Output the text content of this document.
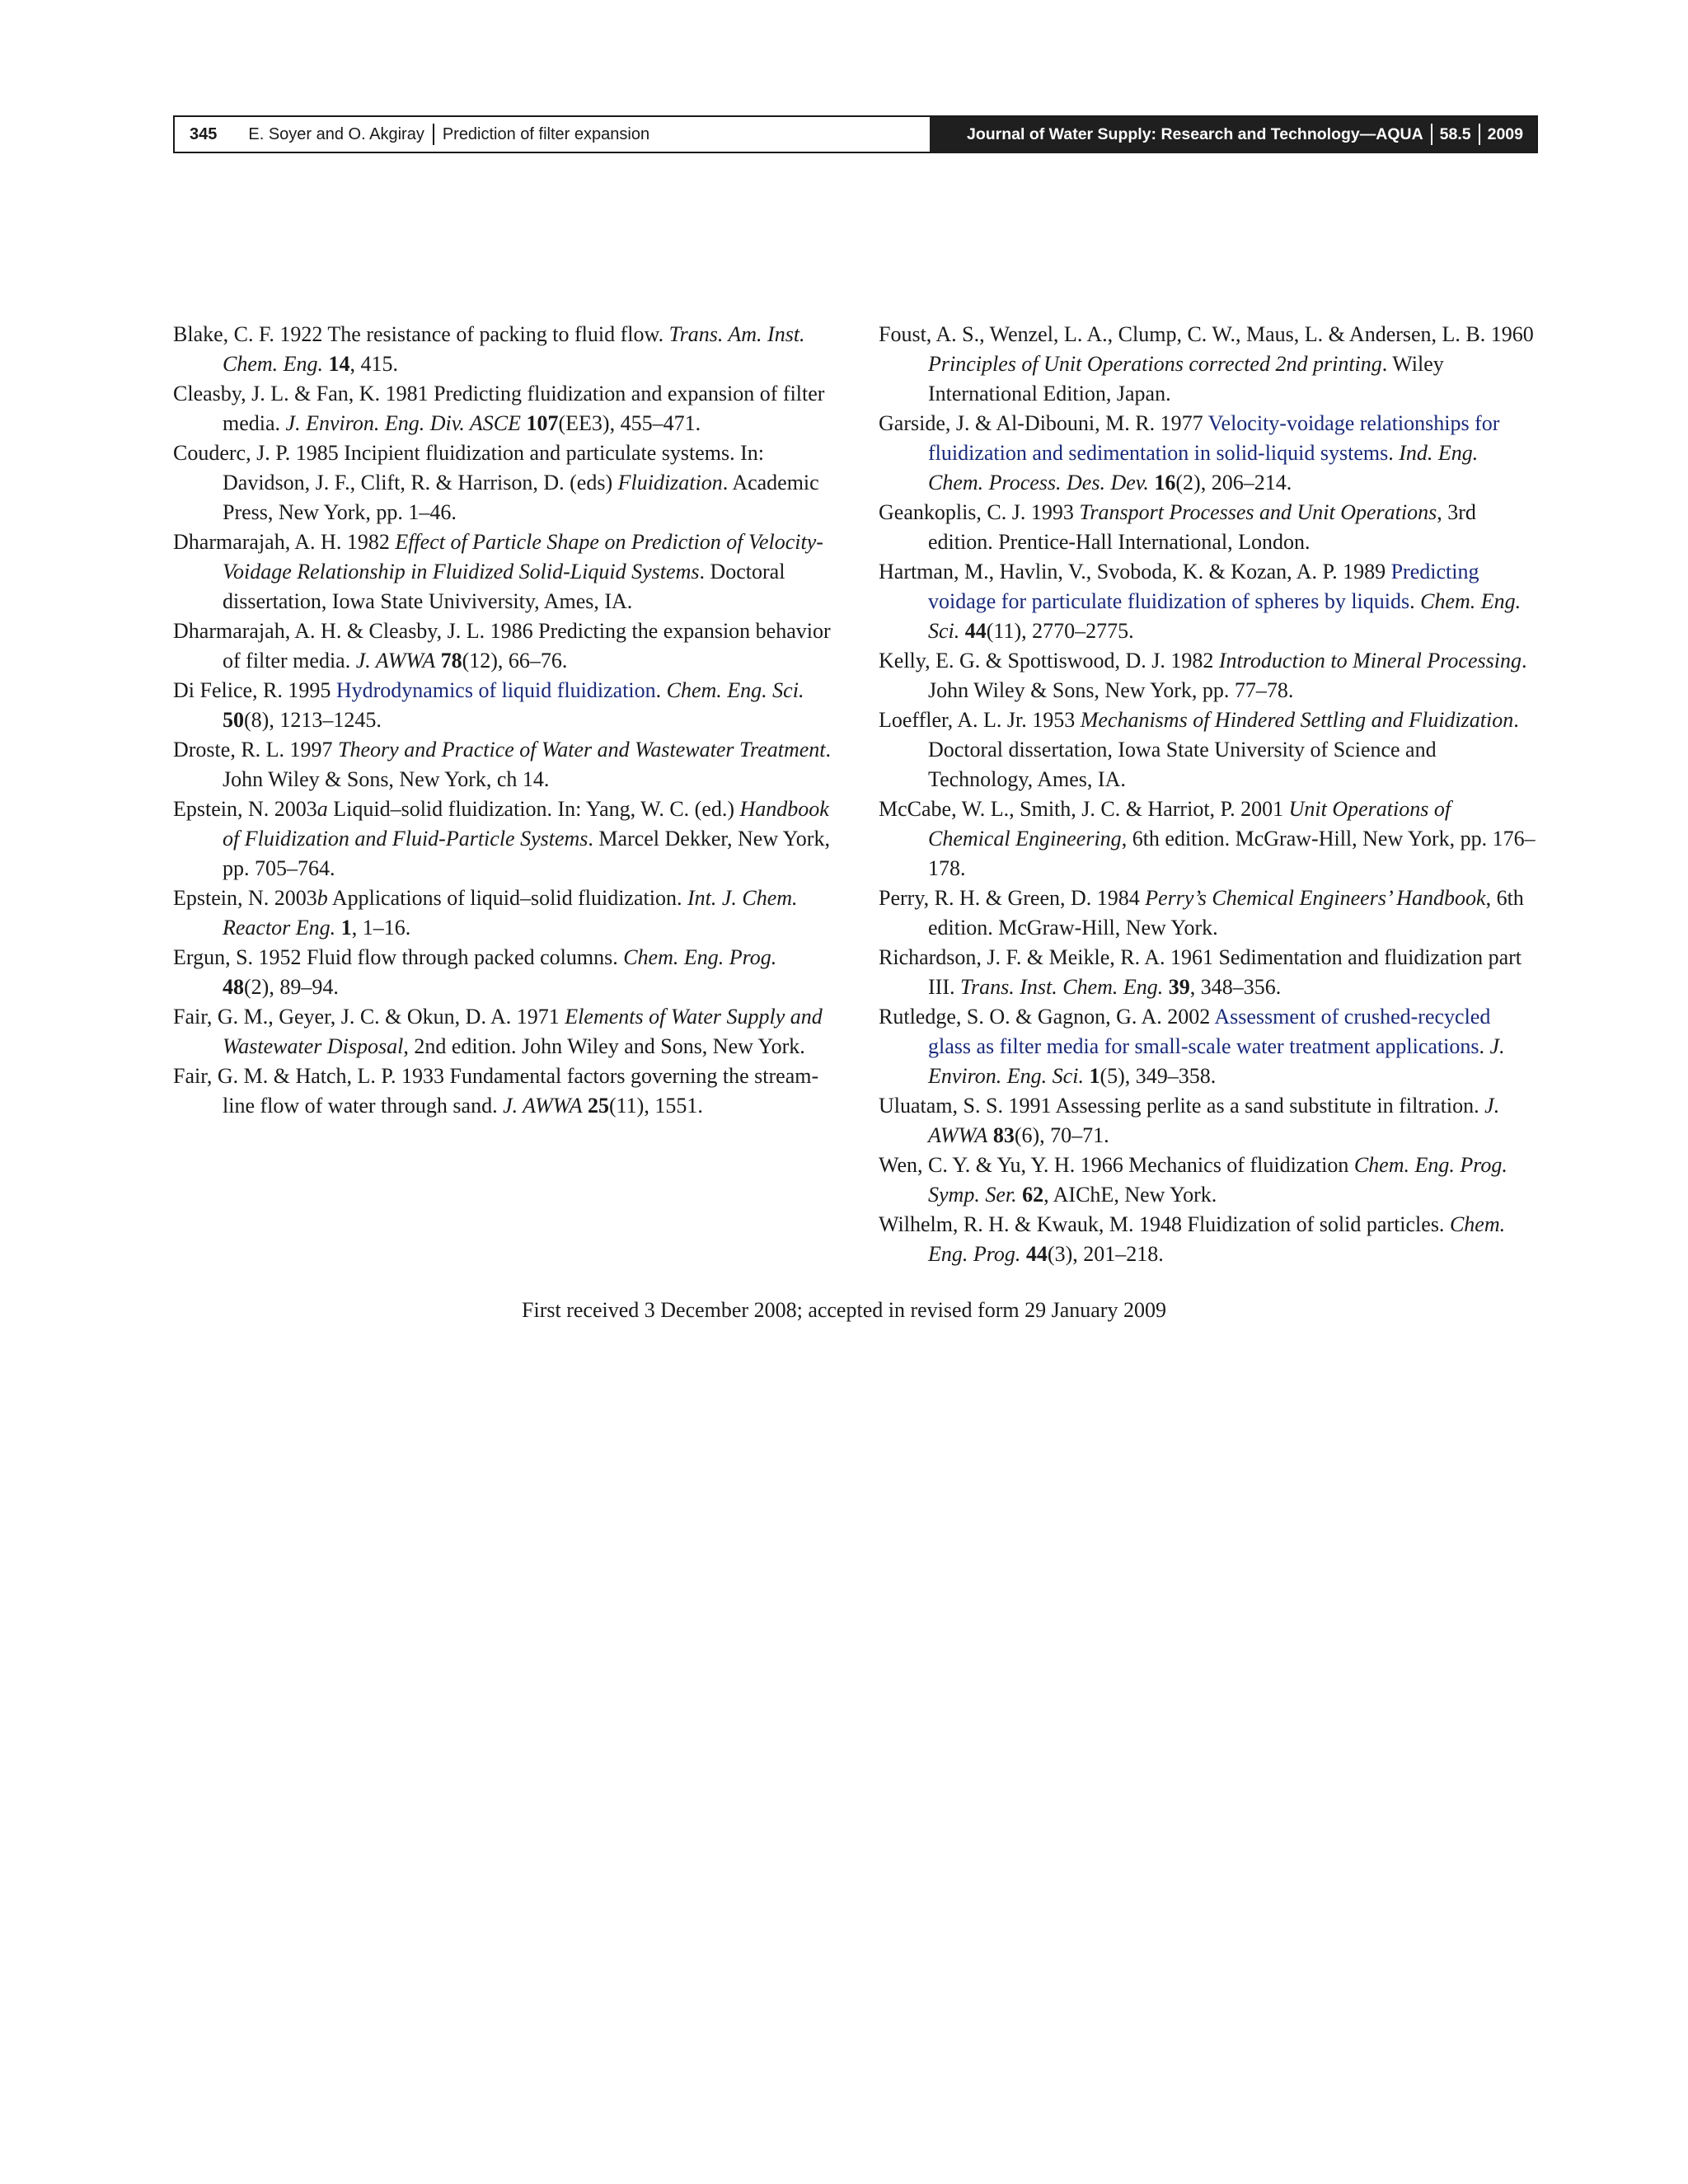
345 E. Soyer and O. Akgiray Prediction of filter expansion	Journal of Water Supply: Research and Technology—AQUA 58.5 2009

Blake, C. F. 1922 The resistance of packing to fluid flow. Trans. Am. Inst. Chem. Eng. 14, 415.

Cleasby, J. L. & Fan, K. 1981 Predicting fluidization and expansion of filter media. J. Environ. Eng. Div. ASCE 107(EE3), 455–471.

Couderc, J. P. 1985 Incipient fluidization and particulate systems. In: Davidson, J. F., Clift, R. & Harrison, D. (eds) Fluidization. Academic Press, New York, pp. 1–46.

Dharmarajah, A. H. 1982 Effect of Particle Shape on Prediction of Velocity-Voidage Relationship in Fluidized Solid-Liquid Systems. Doctoral dissertation, Iowa State Univiversity, Ames, IA.

Dharmarajah, A. H. & Cleasby, J. L. 1986 Predicting the expansion behavior of filter media. J. AWWA 78(12), 66–76.

Di Felice, R. 1995 Hydrodynamics of liquid fluidization. Chem. Eng. Sci. 50(8), 1213–1245.

Droste, R. L. 1997 Theory and Practice of Water and Wastewater Treatment. John Wiley & Sons, New York, ch 14.

Epstein, N. 2003a Liquid–solid fluidization. In: Yang, W. C. (ed.) Handbook of Fluidization and Fluid-Particle Systems. Marcel Dekker, New York, pp. 705–764.

Epstein, N. 2003b Applications of liquid–solid fluidization. Int. J. Chem. Reactor Eng. 1, 1–16.

Ergun, S. 1952 Fluid flow through packed columns. Chem. Eng. Prog. 48(2), 89–94.

Fair, G. M., Geyer, J. C. & Okun, D. A. 1971 Elements of Water Supply and Wastewater Disposal, 2nd edition. John Wiley and Sons, New York.

Fair, G. M. & Hatch, L. P. 1933 Fundamental factors governing the stream-line flow of water through sand. J. AWWA 25(11), 1551.

Foust, A. S., Wenzel, L. A., Clump, C. W., Maus, L. & Andersen, L. B. 1960 Principles of Unit Operations corrected 2nd printing. Wiley International Edition, Japan.

Garside, J. & Al-Dibouni, M. R. 1977 Velocity-voidage relationships for fluidization and sedimentation in solid-liquid systems. Ind. Eng. Chem. Process. Des. Dev. 16(2), 206–214.

Geankoplis, C. J. 1993 Transport Processes and Unit Operations, 3rd edition. Prentice-Hall International, London.

Hartman, M., Havlin, V., Svoboda, K. & Kozan, A. P. 1989 Predicting voidage for particulate fluidization of spheres by liquids. Chem. Eng. Sci. 44(11), 2770–2775.

Kelly, E. G. & Spottiswood, D. J. 1982 Introduction to Mineral Processing. John Wiley & Sons, New York, pp. 77–78.

Loeffler, A. L. Jr. 1953 Mechanisms of Hindered Settling and Fluidization. Doctoral dissertation, Iowa State University of Science and Technology, Ames, IA.

McCabe, W. L., Smith, J. C. & Harriot, P. 2001 Unit Operations of Chemical Engineering, 6th edition. McGraw-Hill, New York, pp. 176–178.

Perry, R. H. & Green, D. 1984 Perry’s Chemical Engineers’ Handbook, 6th edition. McGraw-Hill, New York.

Richardson, J. F. & Meikle, R. A. 1961 Sedimentation and fluidization part III. Trans. Inst. Chem. Eng. 39, 348–356.

Rutledge, S. O. & Gagnon, G. A. 2002 Assessment of crushed-recycled glass as filter media for small-scale water treatment applications. J. Environ. Eng. Sci. 1(5), 349–358.

Uluatam, S. S. 1991 Assessing perlite as a sand substitute in filtration. J. AWWA 83(6), 70–71.

Wen, C. Y. & Yu, Y. H. 1966 Mechanics of fluidization Chem. Eng. Prog. Symp. Ser. 62, AIChE, New York.

Wilhelm, R. H. & Kwauk, M. 1948 Fluidization of solid particles. Chem. Eng. Prog. 44(3), 201–218.

First received 3 December 2008; accepted in revised form 29 January 2009
